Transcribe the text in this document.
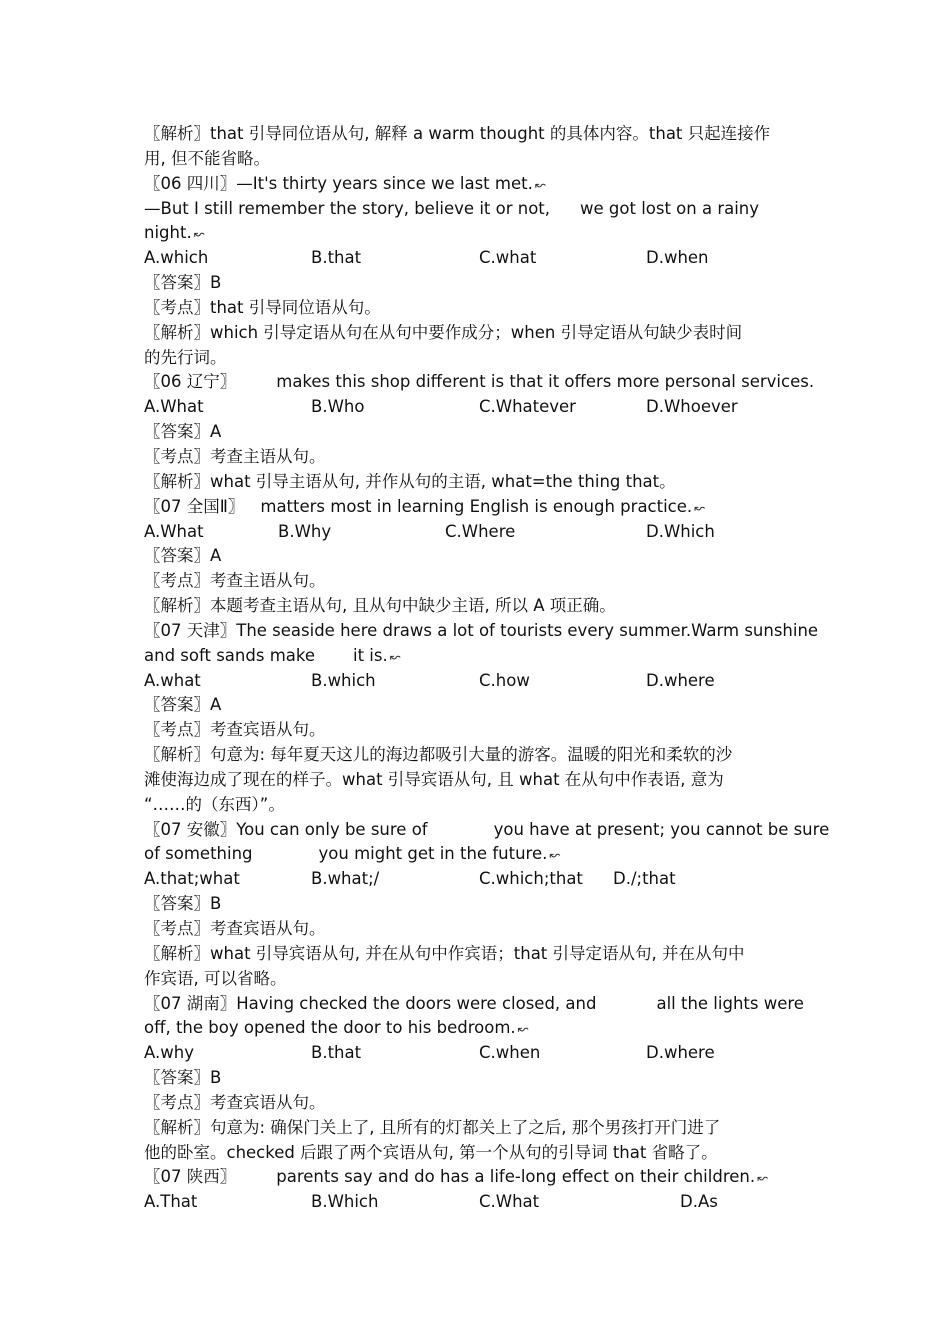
〖解析〗that 引导同位语从句, 解释 a warm thought 的具体内容。that 只起连接作
用, 但不能省略。
〖06 四川〗—It's thirty years since we last met. ↜
—But I still remember the story, believe it or not, we got lost on a rainy
night. ↜
A.which	B.that	C.what	D.when
〖答案〗B
〖考点〗that 引导同位语从句。
〖解析〗which 引导定语从句在从句中要作成分；when 引导定语从句缺少表时间
的先行词。
〖06 辽宁〗 makes this shop different is that it offers more personal services.
A.What	B.Who	C.Whatever	D.Whoever
〖答案〗A
〖考点〗考查主语从句。
〖解析〗what 引导主语从句, 并作从句的主语, what=the thing that。
〖07 全国Ⅱ〗 matters most in learning English is enough practice. ↜
A.What	B.Why	C.Where	D.Which
〖答案〗A
〖考点〗考查主语从句。
〖解析〗本题考查主语从句, 且从句中缺少主语, 所以 A 项正确。
〖07 天津〗The seaside here draws a lot of tourists every summer.Warm sunshine
and soft sands make it is. ↜
A.what	B.which	C.how	D.where
〖答案〗A
〖考点〗考查宾语从句。
〖解析〗句意为: 每年夏天这儿的海边都吸引大量的游客。温暖的阳光和柔软的沙
滩使海边成了现在的样子。what 引导宾语从句, 且 what 在从句中作表语, 意为
“……的（东西）”。
〖07 安徽〗You can only be sure of	you have at present; you cannot be sure
of something	you might get in the future. ↜
A.that;what	B.what;/	C.which;that D./;that
〖答案〗B
〖考点〗考查宾语从句。
〖解析〗what 引导宾语从句, 并在从句中作宾语；that 引导定语从句, 并在从句中
作宾语, 可以省略。
〖07 湖南〗Having checked the doors were closed, and	all the lights were
off, the boy opened the door to his bedroom. ↜
A.why	B.that	C.when	D.where
〖答案〗B
〖考点〗考查宾语从句。
〖解析〗句意为: 确保门关上了, 且所有的灯都关上了之后, 那个男孩打开门进了
他的卧室。checked 后跟了两个宾语从句, 第一个从句的引导词 that 省略了。
〖07 陕西〗 parents say and do has a life-long effect on their children. ↜
A.That	B.Which	C.What	D.As
